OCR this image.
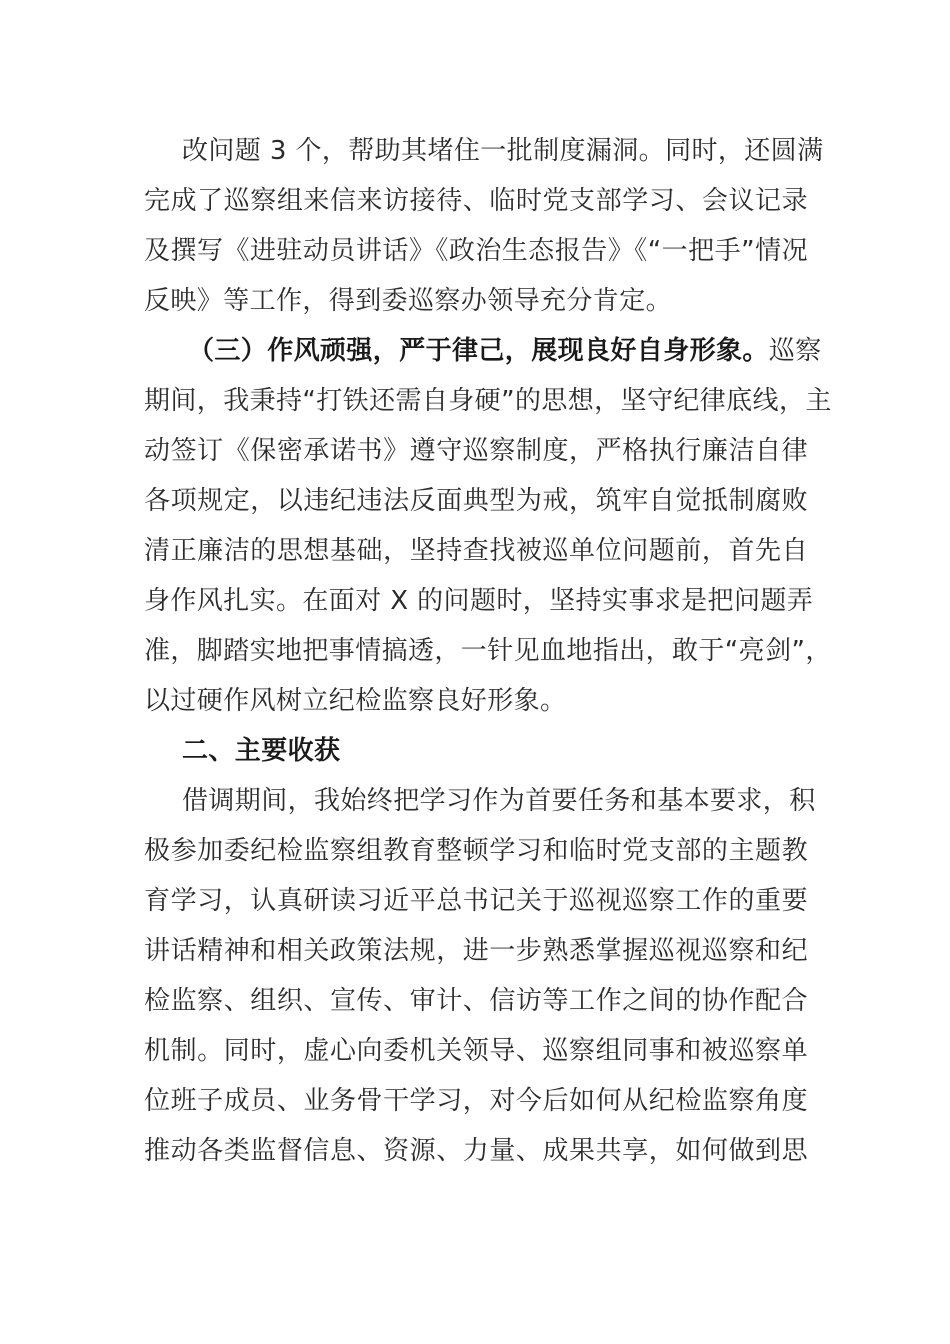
改问题 3 个，帮助其堵住一批制度漏洞。同时，还圆满
完成了巡察组来信来访接待、临时党支部学习、会议记录
及撰写《进驻动员讲话》《政治生态报告》《“一把手”情况
反映》等工作，得到委巡察办领导充分肯定。
（三）作风顽强，严于律己，展现良好自身形象。巡察
期间，我秉持“打铁还需自身硬”的思想，坚守纪律底线，主
动签订《保密承诺书》遵守巡察制度，严格执行廉洁自律
各项规定，以违纪违法反面典型为戒，筑牢自觉抵制腐败
清正廉洁的思想基础，坚持查找被巡单位问题前，首先自
身作风扎实。在面对 X 的问题时，坚持实事求是把问题弄
准，脚踏实地把事情搞透，一针见血地指出，敢于“亮剑”，
以过硬作风树立纪检监察良好形象。
二、主要收获
借调期间，我始终把学习作为首要任务和基本要求，积
极参加委纪检监察组教育整顿学习和临时党支部的主题教
育学习，认真研读习近平总书记关于巡视巡察工作的重要
讲话精神和相关政策法规，进一步熟悉掌握巡视巡察和纪
检监察、组织、宣传、审计、信访等工作之间的协作配合
机制。同时，虚心向委机关领导、巡察组同事和被巡察单
位班子成员、业务骨干学习，对今后如何从纪检监察角度
推动各类监督信息、资源、力量、成果共享，如何做到思
